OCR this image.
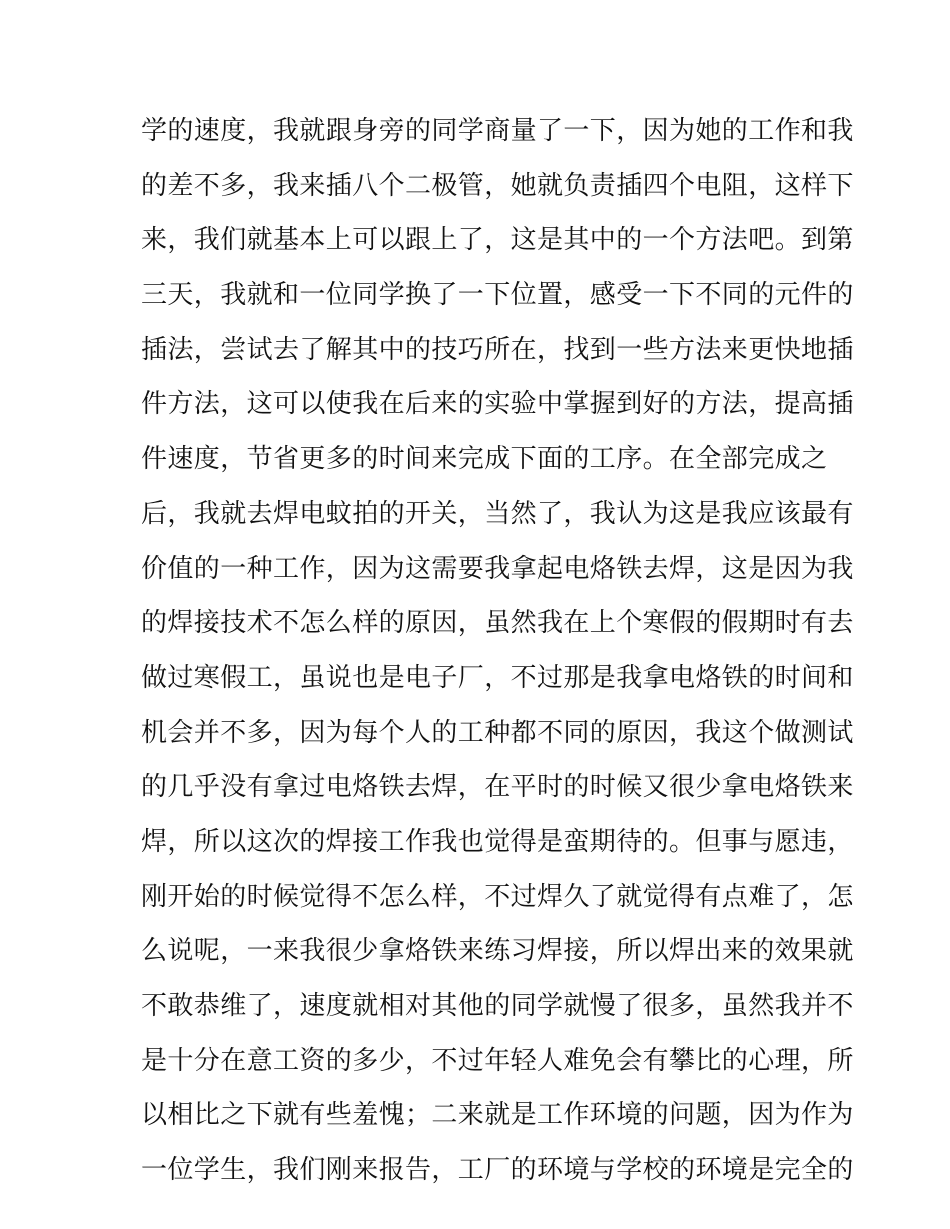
学的速度，我就跟身旁的同学商量了一下，因为她的工作和我
的差不多，我来插八个二极管，她就负责插四个电阻，这样下
来，我们就基本上可以跟上了，这是其中的一个方法吧。到第
三天，我就和一位同学换了一下位置，感受一下不同的元件的
插法，尝试去了解其中的技巧所在，找到一些方法来更快地插
件方法，这可以使我在后来的实验中掌握到好的方法，提高插
件速度，节省更多的时间来完成下面的工序。在全部完成之
后，我就去焊电蚊拍的开关，当然了，我认为这是我应该最有
价值的一种工作，因为这需要我拿起电烙铁去焊，这是因为我
的焊接技术不怎么样的原因，虽然我在上个寒假的假期时有去
做过寒假工，虽说也是电子厂，不过那是我拿电烙铁的时间和
机会并不多，因为每个人的工种都不同的原因，我这个做测试
的几乎没有拿过电烙铁去焊，在平时的时候又很少拿电烙铁来
焊，所以这次的焊接工作我也觉得是蛮期待的。但事与愿违，
刚开始的时候觉得不怎么样，不过焊久了就觉得有点难了，怎
么说呢，一来我很少拿烙铁来练习焊接，所以焊出来的效果就
不敢恭维了，速度就相对其他的同学就慢了很多，虽然我并不
是十分在意工资的多少，不过年轻人难免会有攀比的心理，所
以相比之下就有些羞愧；二来就是工作环境的问题，因为作为
一位学生，我们刚来报告，工厂的环境与学校的环境是完全的
